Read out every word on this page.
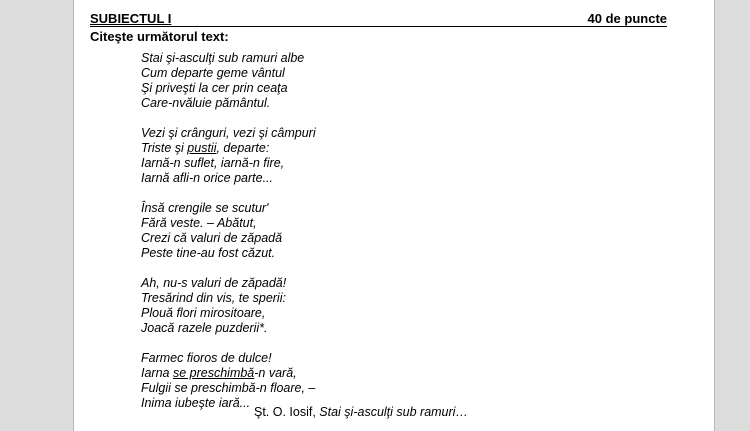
SUBIECTUL I	40 de puncte
Citeşte următorul text:
Stai şi-asculţi sub ramuri albe
Cum departe geme vântul
Şi priveşti la cer prin ceaţa
Care-nvăluie pământul.
Vezi şi crânguri, vezi şi câmpuri
Triste şi pustii, departe:
Iarnă-n suflet, iarnă-n fire,
Iarnă afli-n orice parte...
Însă crengile se scutur'
Fără veste. – Abătut,
Crezi că valuri de zăpadă
Peste tine-au fost căzut.
Ah, nu-s valuri de zăpadă!
Tresărind din vis, te sperii:
Plouă flori mirositoare,
Joacă razele puzderii*.
Farmec fioros de dulce!
Iarna se preschimbă-n vară,
Fulgii se preschimbă-n floare, –
Inima iubeşte iară...
Şt. O. Iosif, Stai şi-asculţi sub ramuri…
